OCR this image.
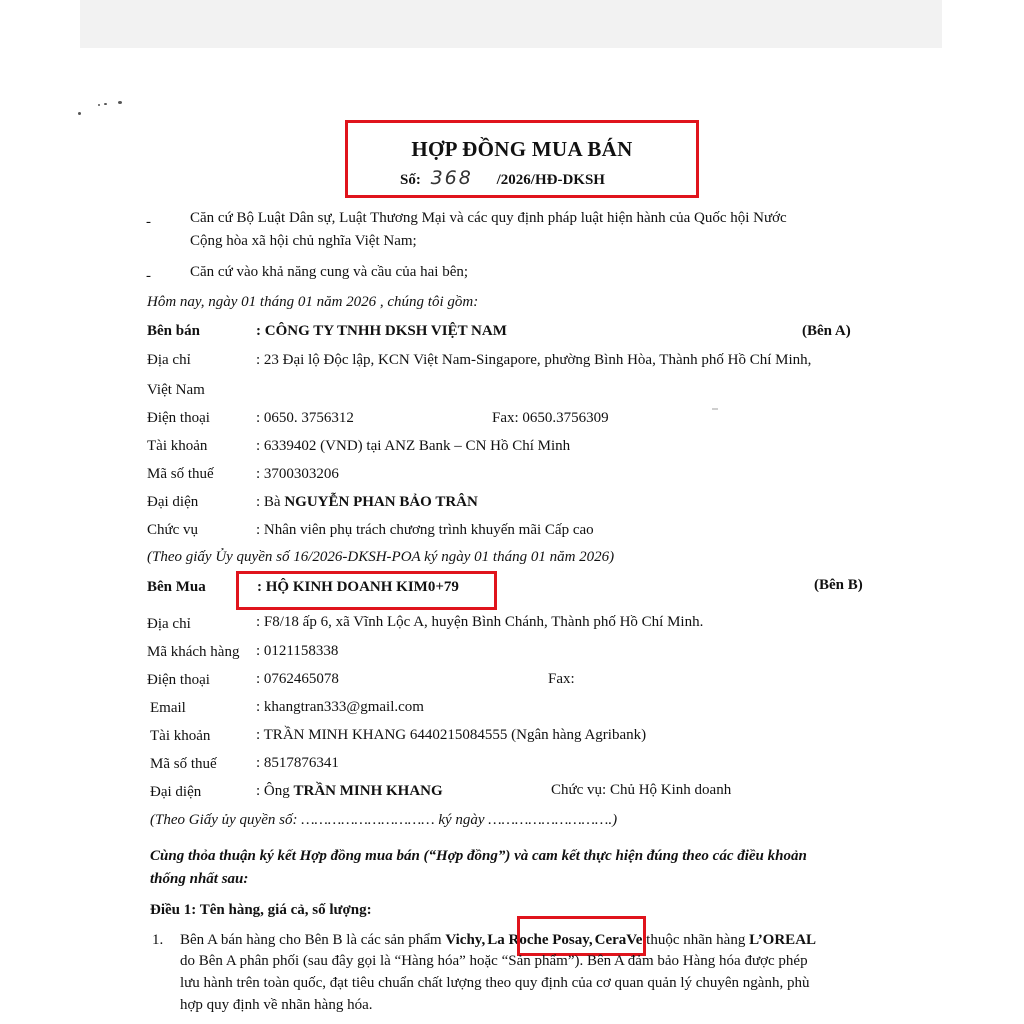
HỢP ĐỒNG MUA BÁN
Số: 368 /2026/HĐ-DKSH
-	Căn cứ Bộ Luật Dân sự, Luật Thương Mại và các quy định pháp luật hiện hành của Quốc hội Nước
Cộng hòa xã hội chủ nghĩa Việt Nam;
-	Căn cứ vào khả năng cung và cầu của hai bên;
Hôm nay, ngày 01 tháng 01 năm 2026 , chúng tôi gồm:
Bên bán	: CÔNG TY TNHH DKSH VIỆT NAM	(Bên A)
Địa chỉ	: 23 Đại lộ Độc lập, KCN Việt Nam-Singapore, phường Bình Hòa, Thành phố Hồ Chí Minh,
Việt Nam
Điện thoại	: 0650. 3756312	Fax: 0650.3756309
Tài khoản	: 6339402 (VND) tại ANZ Bank – CN Hồ Chí Minh
Mã số thuế	: 3700303206
Đại diện	: Bà NGUYỄN PHAN BẢO TRÂN
Chức vụ	: Nhân viên phụ trách chương trình khuyến mãi Cấp cao
(Theo giấy Ủy quyền số 16/2026-DKSH-POA ký ngày 01 tháng 01 năm 2026)
Bên Mua	: HỘ KINH DOANH KIM0+79	(Bên B)
Địa chỉ	: F8/18 ấp 6, xã Vĩnh Lộc A, huyện Bình Chánh, Thành phố Hồ Chí Minh.
Mã khách hàng : 0121158338
Điện thoại	: 0762465078	Fax:
Email	: khangtran333@gmail.com
Tài khoản	: TRẦN MINH KHANG 6440215084555 (Ngân hàng Agribank)
Mã số thuế	: 8517876341
Đại diện	: Ông TRẦN MINH KHANG	Chức vụ: Chủ Hộ Kinh doanh
(Theo Giấy ủy quyền số: ………………………… ký ngày ……………………….)
Cùng thỏa thuận ký kết Hợp đồng mua bán (“Hợp đồng”) và cam kết thực hiện đúng theo các điều khoản
thống nhất sau:
Điều 1: Tên hàng, giá cả, số lượng:
1. Bên A bán hàng cho Bên B là các sản phẩm Vichy, La Roche Posay, CeraVe thuộc nhãn hàng L’OREAL
do Bên A phân phối (sau đây gọi là “Hàng hóa” hoặc “Sản phẩm”). Bên A đảm bảo Hàng hóa được phép
lưu hành trên toàn quốc, đạt tiêu chuẩn chất lượng theo quy định của cơ quan quản lý chuyên ngành, phù
hợp quy định về nhãn hàng hóa.
